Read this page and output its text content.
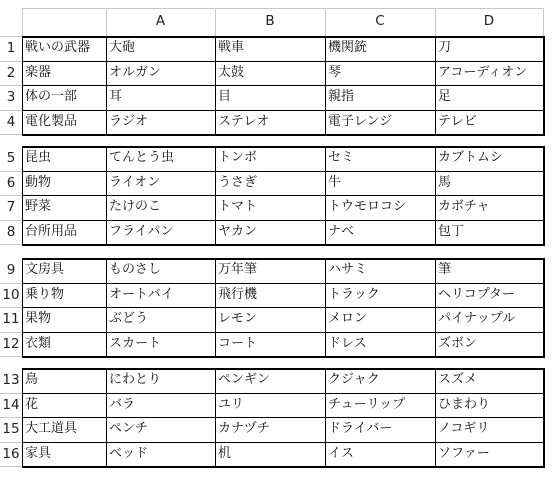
A	B	C	D
1 戦いの武器	大砲	戦車	機関銃	刀
2 楽器	オルガン	太鼓	琴	アコーディオン
3 体の一部	耳	目	親指	足
4 電化製品	ラジオ	ステレオ	電子レンジ	テレビ
5 昆虫	てんとう虫	トンボ	セミ	カブトムシ
6 動物	ライオン	うさぎ	牛	馬
7 野菜	たけのこ	トマト	トウモロコシ	カボチャ
8 台所用品	フライパン	ヤカン	ナベ	包丁
9 文房具	ものさし	万年筆	ハサミ	筆
10 乗り物	オートバイ	飛行機	トラック	ヘリコプター
11 果物	ぶどう	レモン	メロン	パイナップル
12 衣類	スカート	コート	ドレス	ズボン
13 鳥	にわとり	ペンギン	クジャク	スズメ
14 花	バラ	ユリ	チューリップ	ひまわり
15 大工道具	ペンチ	カナヅチ	ドライバー	ノコギリ
16 家具	ベッド	机	イス	ソファー
